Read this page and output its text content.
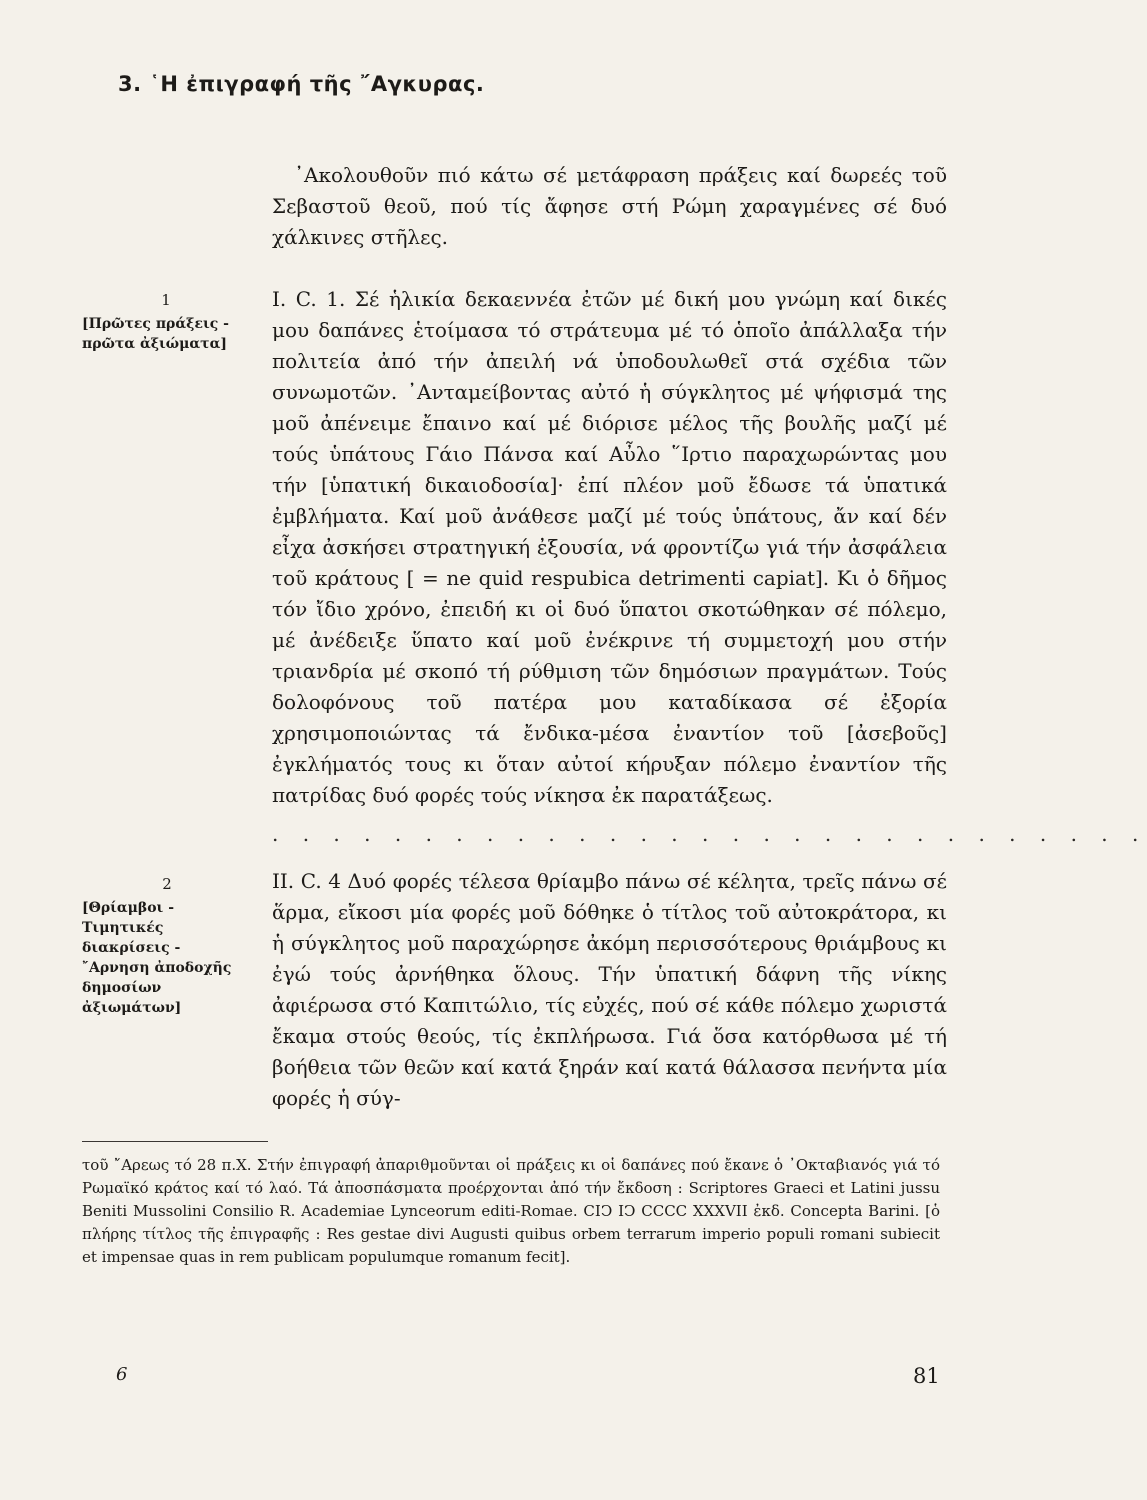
3. ῾Η ἐπιγραφή τῆς ῎Αγκυρας.
᾿Ακολουθοῦν πιό κάτω σέ μετάφραση πράξεις καί δωρεές τοῦ Σεβαστοῦ θεοῦ, πού τίς ἄφησε στή Ρώμη χαραγμένες σέ δυό χάλκινες στῆλες.
1
[Πρῶτες πράξεις - πρῶτα ἀξιώματα]
Ι. C. 1. Σέ ἡλικία δεκαεννέα ἐτῶν μέ δική μου γνώμη καί δικές μου δαπάνες ἑτοίμασα τό στράτευμα μέ τό ὁποῖο ἀπάλλαξα τήν πολιτεία ἀπό τήν ἀπειλή νά ὑποδουλωθεῖ στά σχέδια τῶν συνωμοτῶν. ᾿Ανταμείβοντας αὐτό ἡ σύγκλητος μέ ψήφισμά της μοῦ ἀπένειμε ἔπαινο καί μέ διόρισε μέλος τῆς βουλῆς μαζί μέ τούς ὑπάτους Γάιο Πάνσα καί Αὖλο ῞Ιρτιο παραχωρώντας μου τήν [ὑπατική δικαιοδοσία]· ἐπί πλέον μοῦ ἔδωσε τά ὑπατικά ἐμβλήματα. Καί μοῦ ἀνάθεσε μαζί μέ τούς ὑπάτους, ἄν καί δέν εἶχα ἀσκήσει στρατηγική ἐξουσία, νά φροντίζω γιά τήν ἀσφάλεια τοῦ κράτους [ = ne quid respubica detrimenti capiat]. Κι ὁ δῆμος τόν ἴδιο χρόνο, ἐπειδή κι οἱ δυό ὕπατοι σκοτώθηκαν σέ πόλεμο, μέ ἀνέδειξε ὕπατο καί μοῦ ἐνέκρινε τή συμμετοχή μου στήν τριανδρία μέ σκοπό τή ρύθμιση τῶν δημόσιων πραγμάτων. Τούς δολοφόνους τοῦ πατέρα μου καταδίκασα σέ ἐξορία χρησιμοποιώντας τά ἔνδικα-μέσα ἐναντίον τοῦ [ἀσεβοῦς] ἐγκλήματός τους κι ὅταν αὐτοί κήρυξαν πόλεμο ἐναντίον τῆς πατρίδας δυό φορές τούς νίκησα ἐκ παρατάξεως.
. . . . . . . . . . . . . . . . . . . . . . . . . . . . .
2
[Θρίαμβοι - Τιμητικές διακρίσεις - ῎Αρνηση ἀποδοχῆς δημοσίων ἀξιωμάτων]
ΙΙ. C. 4 Δυό φορές τέλεσα θρίαμβο πάνω σέ κέλητα, τρεῖς πάνω σέ ἅρμα, εἴκοσι μία φορές μοῦ δόθηκε ὁ τίτλος τοῦ αὐτοκράτορα, κι ἡ σύγκλητος μοῦ παραχώρησε ἀκόμη περισσότερους θριάμβους κι ἐγώ τούς ἀρνήθηκα ὅλους. Τήν ὑπατική δάφνη τῆς νίκης ἀφιέρωσα στό Καπιτώλιο, τίς εὐχές, πού σέ κάθε πόλεμο χωριστά ἔκαμα στούς θεούς, τίς ἐκπλήρωσα. Γιά ὅσα κατόρθωσα μέ τή βοήθεια τῶν θεῶν καί κατά ξηράν καί κατά θάλασσα πενήντα μία φορές ἡ σύγ-
τοῦ ῎Αρεως τό 28 π.Χ. Στήν ἐπιγραφή ἀπαριθμοῦνται οἱ πράξεις κι οἱ δαπάνες πού ἔκανε ὁ ᾿Οκταβιανός γιά τό Ρωμαϊκό κράτος καί τό λαό. Τά ἀποσπάσματα προέρχονται ἀπό τήν ἔκδοση : Scriptores Graeci et Latini jussu Beniti Mussolini Consilio R. Academiae Lynceorum editi-Romae. CIϽ IϽ CCCC XXXVII ἐκδ. Concepta Barini. [ὁ πλήρης τίτλος τῆς ἐπιγραφῆς : Res gestae divi Augusti quibus orbem terrarum imperio populi romani subiecit et impensae quas in rem publicam populumque romanum fecit].
6	81
